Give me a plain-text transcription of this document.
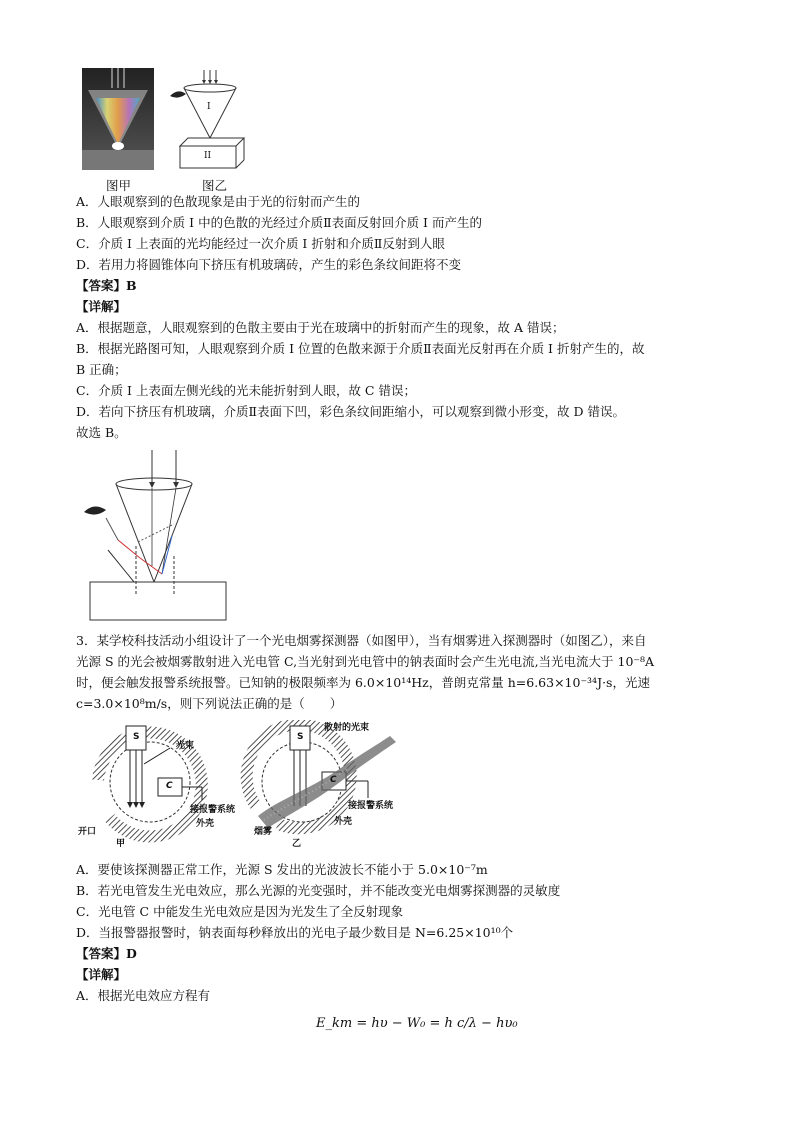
I
II
图甲	图乙
A．人眼观察到的色散现象是由于光的衍射而产生的
B．人眼观察到介质 I 中的色散的光经过介质Ⅱ表面反射回介质 I 而产生的
C．介质 I 上表面的光均能经过一次介质 I 折射和介质Ⅱ反射到人眼
D．若用力将圆锥体向下挤压有机玻璃砖，产生的彩色条纹间距将不变
【答案】B
【详解】
A．根据题意，人眼观察到的色散主要由于光在玻璃中的折射而产生的现象，故 A 错误；
B．根据光路图可知，人眼观察到介质 I 位置的色散来源于介质Ⅱ表面光反射再在介质 I 折射产生的，故
B 正确；
C．介质 I 上表面左侧光线的光未能折射到人眼，故 C 错误；
D．若向下挤压有机玻璃，介质Ⅱ表面下凹，彩色条纹间距缩小，可以观察到微小形变，故 D 错误。
故选 B。
3．某学校科技活动小组设计了一个光电烟雾探测器（如图甲），当有烟雾进入探测器时（如图乙），来自
光源 S 的光会被烟雾散射进入光电管 C,当光射到光电管中的钠表面时会产生光电流,当光电流大于 10⁻⁸A
时，便会触发报警系统报警。已知钠的极限频率为 6.0×10¹⁴Hz，普朗克常量 h=6.63×10⁻³⁴J·s，光速
c=3.0×10⁸m/s，则下列说法正确的是（　　）
S
C
光束
接报警系统
外壳
开口
甲
S
C
散射的光束
接报警系统
外壳
烟雾
乙
A．要使该探测器正常工作，光源 S 发出的光波波长不能小于 5.0×10⁻⁷m
B．若光电管发生光电效应，那么光源的光变强时，并不能改变光电烟雾探测器的灵敏度
C．光电管 C 中能发生光电效应是因为光发生了全反射现象
D．当报警器报警时，钠表面每秒释放出的光电子最少数目是 N=6.25×10¹⁰个
【答案】D
【详解】
A．根据光电效应方程有
E_km = hυ − W₀ = h c/λ − hυ₀
